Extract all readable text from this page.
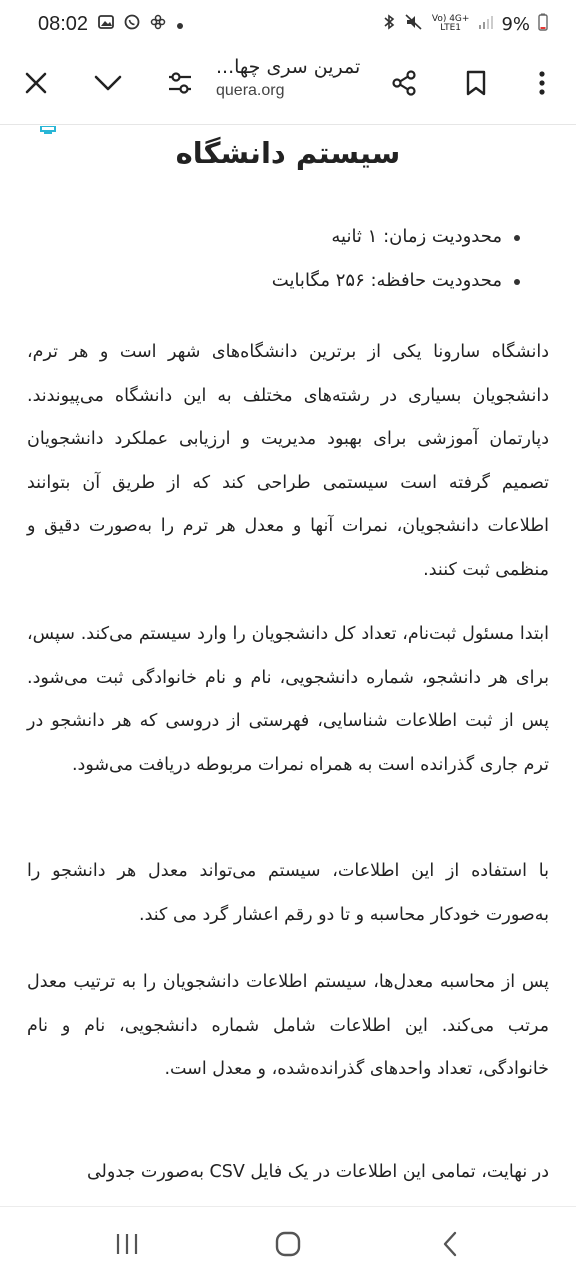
08:02	Vo) 4G+
LTE1	9%
تمرین سری چها...
quera.org
سیستم دانشگاه
محدودیت زمان: ۱ ثانیه
محدودیت حافظه: ۲۵۶ مگابایت

دانشگاه سارونا یکی از برترین دانشگاه‌های شهر است و هر ترم، دانشجویان بسیاری در رشته‌های مختلف به این دانشگاه می‌پیوندند. دپارتمان آموزشی برای بهبود مدیریت و ارزیابی عملکرد دانشجویان تصمیم گرفته است سیستمی طراحی کند که از طریق آن بتوانند اطلاعات دانشجویان، نمرات آنها و معدل هر ترم را به‌صورت دقیق و منظمی ثبت کنند.

ابتدا مسئول ثبت‌نام، تعداد کل دانشجویان را وارد سیستم می‌کند. سپس، برای هر دانشجو، شماره دانشجویی، نام و نام خانوادگی ثبت می‌شود. پس از ثبت اطلاعات شناسایی، فهرستی از دروسی که هر دانشجو در ترم جاری گذرانده است به همراه نمرات مربوطه دریافت می‌شود.

با استفاده از این اطلاعات، سیستم می‌تواند معدل هر دانشجو را به‌صورت خودکار محاسبه و تا دو رقم اعشار گرد می کند.

پس از محاسبه معدل‌ها، سیستم اطلاعات دانشجویان را به ترتیب معدل مرتب می‌کند. این اطلاعات شامل شماره دانشجویی، نام و نام خانوادگی، تعداد واحدهای گذرانده‌شده، و معدل است.

در نهایت، تمامی این اطلاعات در یک فایل CSV به‌صورت جدولی
